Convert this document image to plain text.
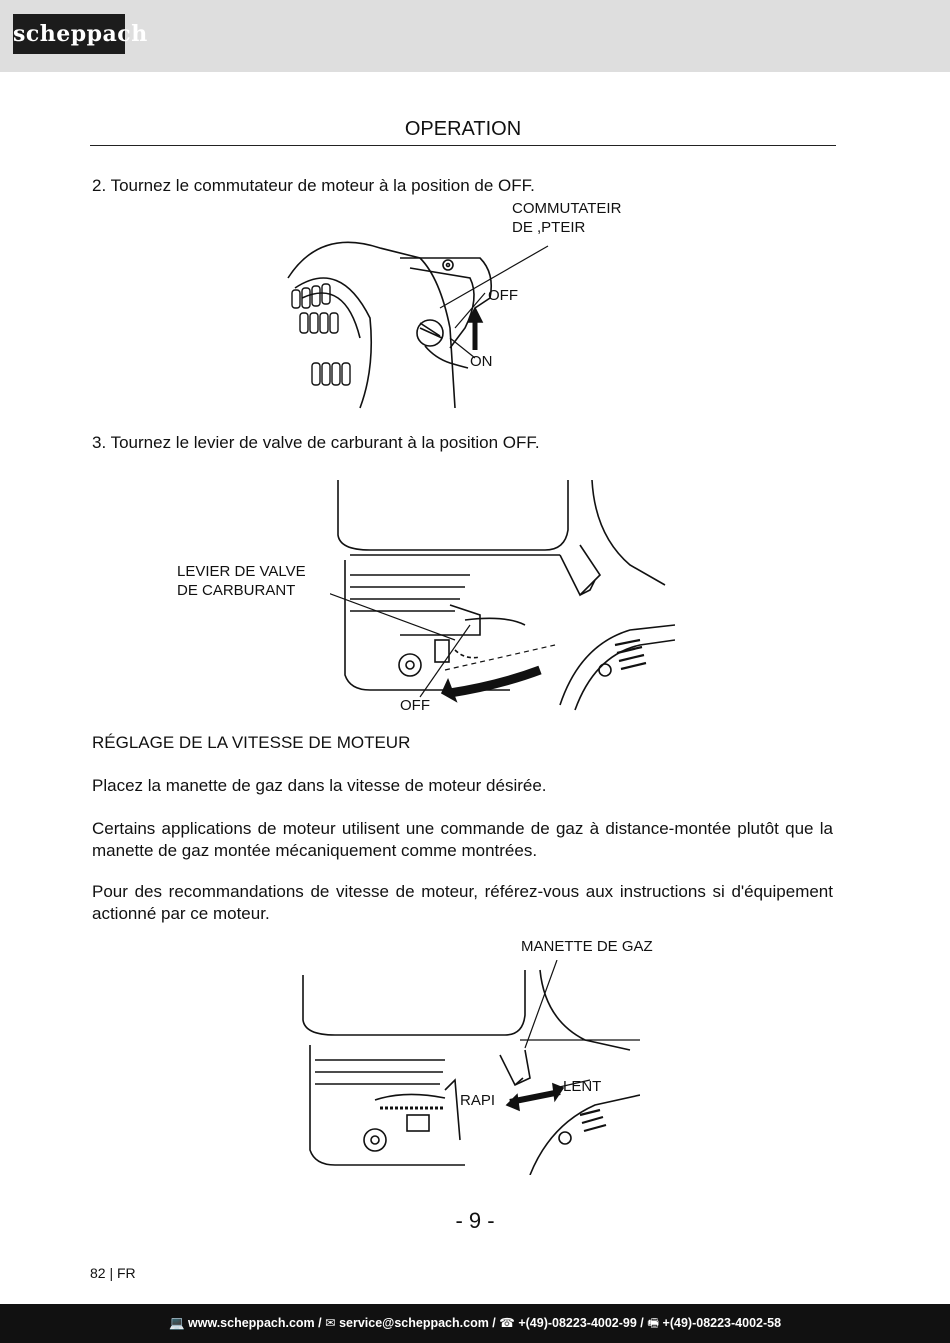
scheppach
OPERATION
2. Tournez le commutateur de moteur à la position de OFF.
COMMUTATEIR
DE ,PTEIR
OFF
ON
3. Tournez le levier de valve de carburant à la position OFF.
LEVIER DE VALVE
DE CARBURANT
OFF
RÉGLAGE DE LA VITESSE DE MOTEUR
Placez la manette de gaz dans la vitesse de moteur désirée.
Certains applications de moteur utilisent une commande de gaz à distance-montée plutôt que la manette de gaz montée mécaniquement comme montrées.
Pour des recommandations de vitesse de moteur, référez-vous aux instructions si d'équipement actionné par ce moteur.
MANETTE DE GAZ
RAPI
LENT
- 9 -
82 | FR
💻 www.scheppach.com / ✉ service@scheppach.com / ☎ +(49)-08223-4002-99 / 🖷 +(49)-08223-4002-58
